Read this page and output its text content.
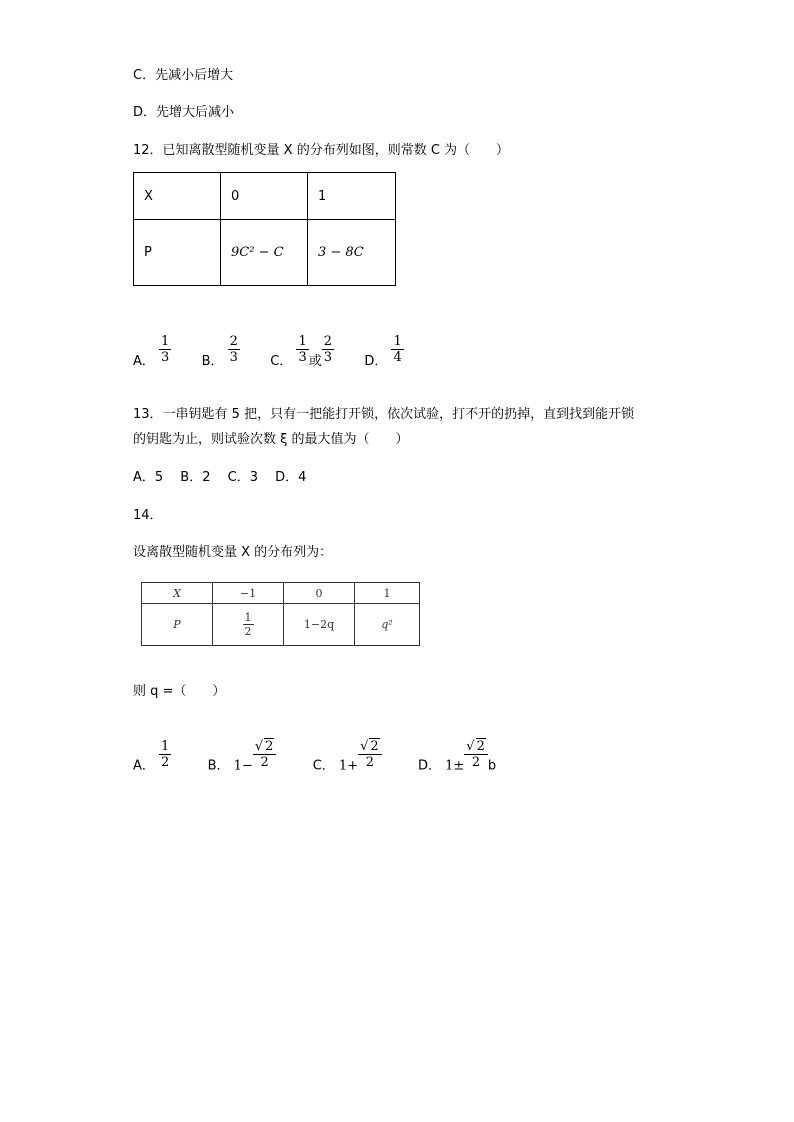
C．先减小后增大
D．先增大后减小
12．已知离散型随机变量 X 的分布列如图，则常数 C 为（　　）
X	0	1
P	9C² − C	3 − 8C
A． $\frac{1}{3}$ B． $\frac{2}{3}$ C． $\frac{1}{3}$ 或 $\frac{2}{3}$ D． $\frac{1}{4}$
13．一串钥匙有 5 把，只有一把能打开锁，依次试验，打不开的扔掉，直到找到能开锁
的钥匙为止，则试验次数 ξ 的最大值为（　　）
A．5　 B．2　 C．3　 D．4
14．
设离散型随机变量 X 的分布列为：
X	−1	0	1
P	$\frac{1}{2}$	1−2q	q²
则 q =（　　）
A． $\frac{1}{2}$	B． $1- \frac{√ 2}{2}$	C． $1+ \frac{√ 2}{2}$	D． $1\pm \frac{√ 2}{2}$ b
